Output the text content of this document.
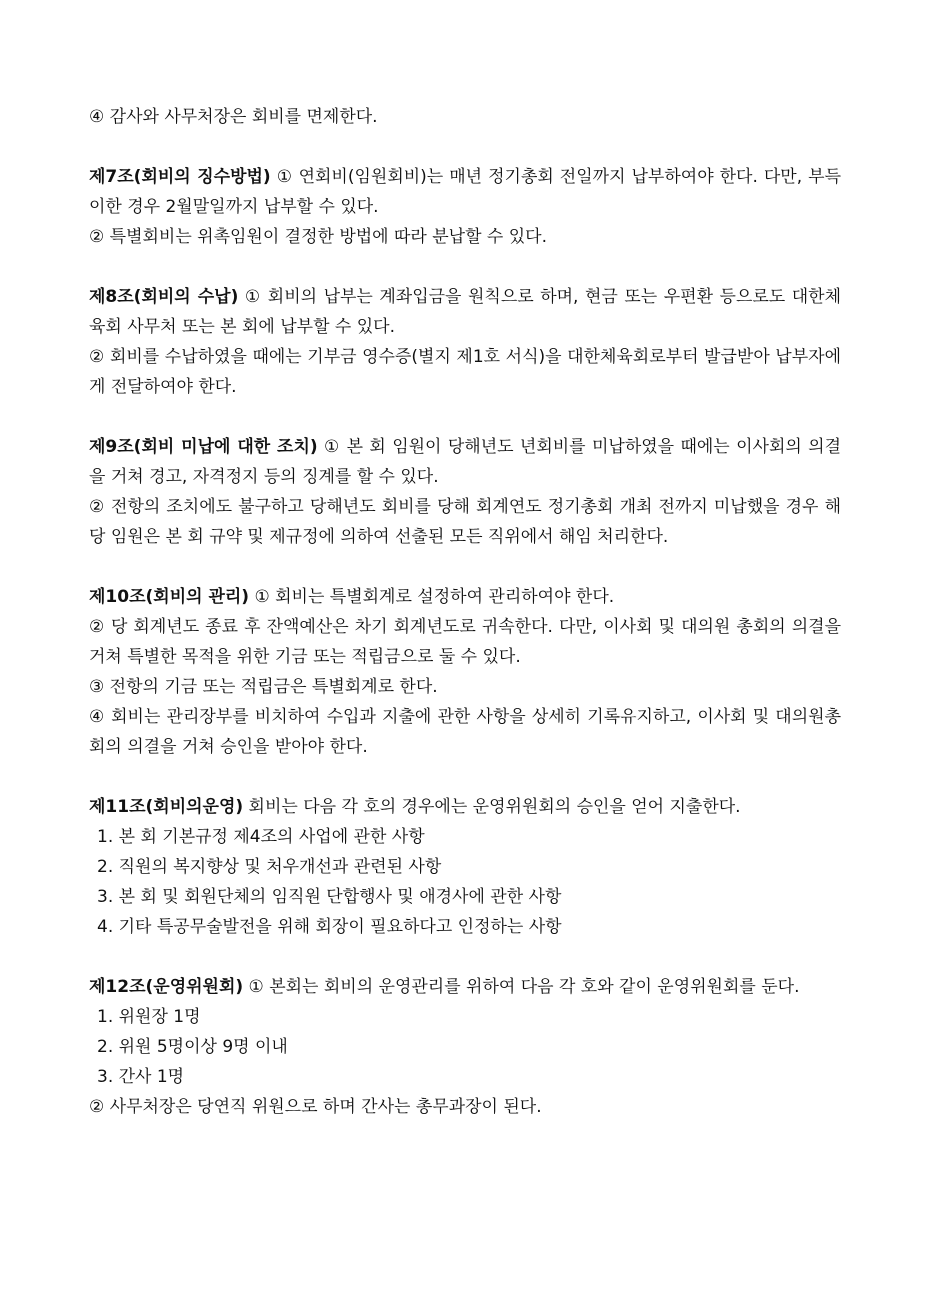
④ 감사와 사무처장은 회비를 면제한다.

제7조(회비의 징수방법) ① 연회비(임원회비)는 매년 정기총회 전일까지 납부하여야 한다. 다만, 부득이한 경우 2월말일까지 납부할 수 있다.

② 특별회비는 위촉임원이 결정한 방법에 따라 분납할 수 있다.

제8조(회비의 수납) ① 회비의 납부는 계좌입금을 원칙으로 하며, 현금 또는 우편환 등으로도 대한체육회 사무처 또는 본 회에 납부할 수 있다.

② 회비를 수납하였을 때에는 기부금 영수증(별지 제1호 서식)을 대한체육회로부터 발급받아 납부자에게 전달하여야 한다.

제9조(회비 미납에 대한 조치) ① 본 회 임원이 당해년도 년회비를 미납하였을 때에는 이사회의 의결을 거쳐 경고, 자격정지 등의 징계를 할 수 있다.

② 전항의 조치에도 불구하고 당해년도 회비를 당해 회계연도 정기총회 개최 전까지 미납했을 경우 해당 임원은 본 회 규약 및 제규정에 의하여 선출된 모든 직위에서 해임 처리한다.

제10조(회비의 관리) ① 회비는 특별회계로 설정하여 관리하여야 한다.

② 당 회계년도 종료 후 잔액예산은 차기 회계년도로 귀속한다. 다만, 이사회 및 대의원 총회의 의결을 거쳐 특별한 목적을 위한 기금 또는 적립금으로 둘 수 있다.

③ 전항의 기금 또는 적립금은 특별회계로 한다.

④ 회비는 관리장부를 비치하여 수입과 지출에 관한 사항을 상세히 기록유지하고, 이사회 및 대의원총회의 의결을 거쳐 승인을 받아야 한다.

제11조(회비의운영) 회비는 다음 각 호의 경우에는 운영위원회의 승인을 얻어 지출한다.

1. 본 회 기본규정 제4조의 사업에 관한 사항

2. 직원의 복지향상 및 처우개선과 관련된 사항

3. 본 회 및 회원단체의 임직원 단합행사 및 애경사에 관한 사항

4. 기타 특공무술발전을 위해 회장이 필요하다고 인정하는 사항

제12조(운영위원회) ① 본회는 회비의 운영관리를 위하여 다음 각 호와 같이 운영위원회를 둔다.

1. 위원장 1명

2. 위원 5명이상 9명 이내

3. 간사 1명

② 사무처장은 당연직 위원으로 하며 간사는 총무과장이 된다.
